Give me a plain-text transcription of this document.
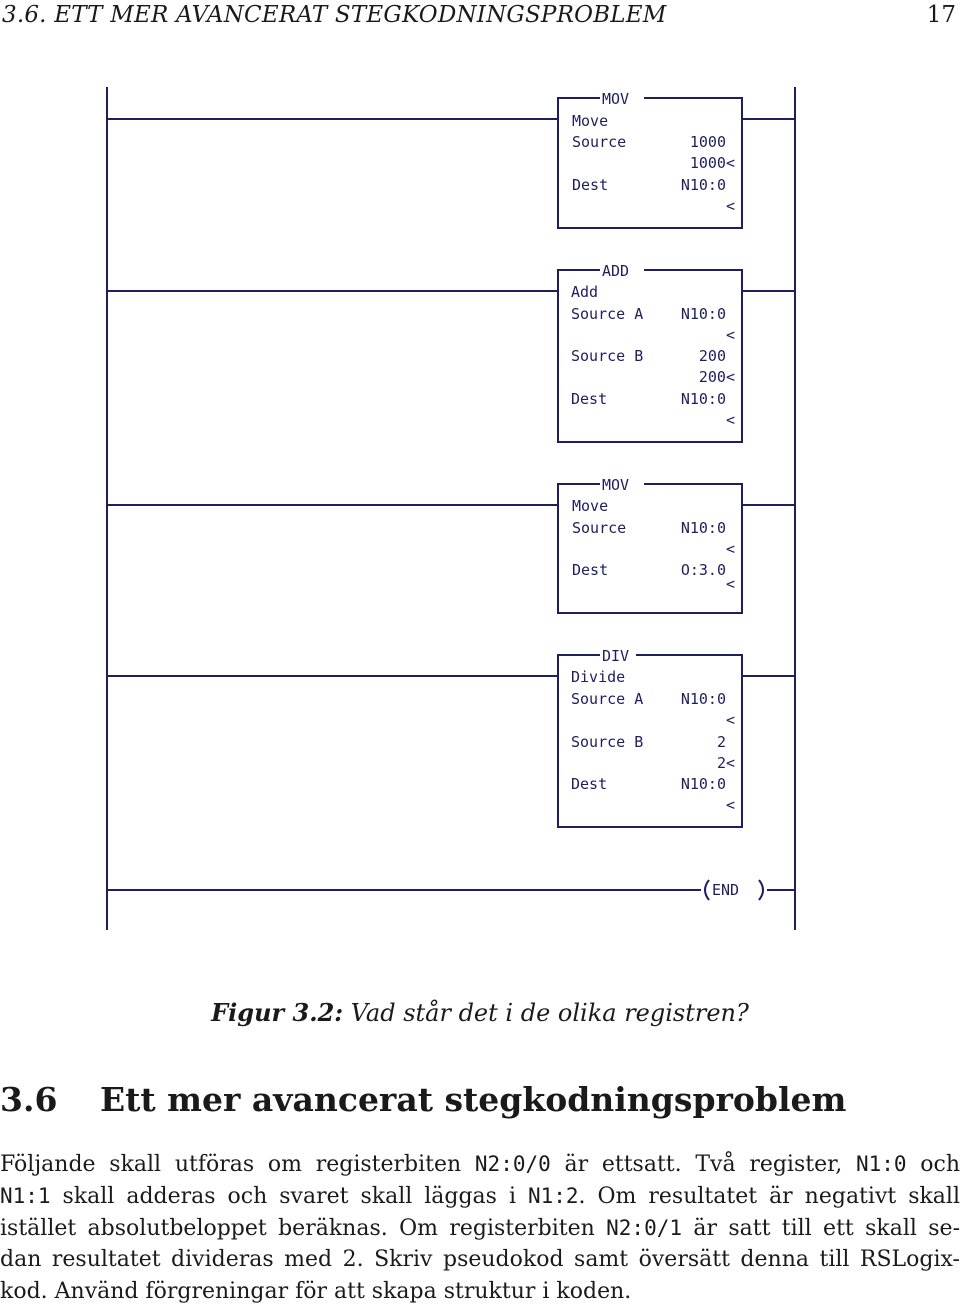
3.6. ETT MER AVANCERAT STEGKODNINGSPROBLEM	17
MOV
Move
Source	1000
1000<
Dest	N10:0
<
ADD
Add
Source A	N10:0
<
Source B	200
200<
Dest	N10:0
<
MOV
Move
Source	N10:0
<
Dest	O:3.0
<
DIV
Divide
Source A	N10:0
<
Source B	2
2<
Dest	N10:0
<
END
Figur 3.2: Vad står det i de olika registren?
3.6 Ett mer avancerat stegkodningsproblem
Följande skall utföras om registerbiten N2:0/0 är ettsatt. Två register, N1:0 och
N1:1 skall adderas och svaret skall läggas i N1:2. Om resultatet är negativt skall
istället absolutbeloppet beräknas. Om registerbiten N2:0/1 är satt till ett skall se-
dan resultatet divideras med 2. Skriv pseudokod samt översätt denna till RSLogix-
kod. Använd förgreningar för att skapa struktur i koden.
